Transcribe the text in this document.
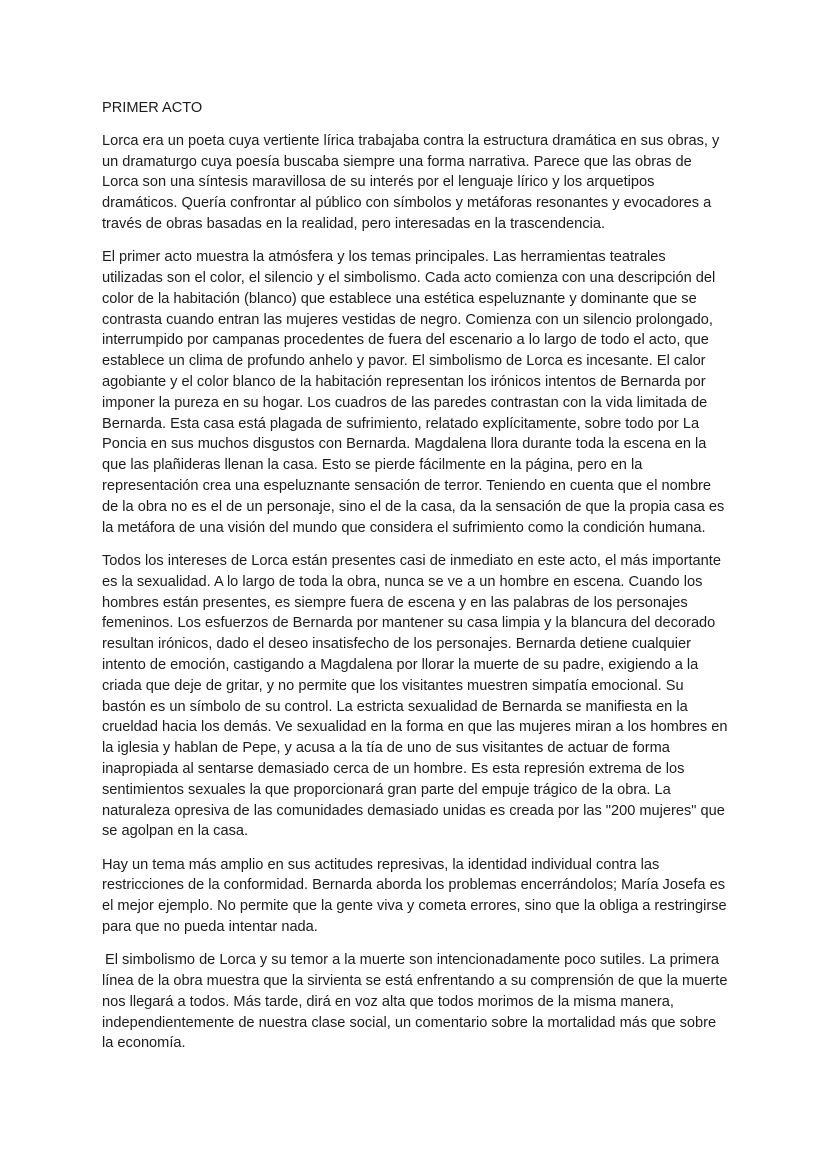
PRIMER ACTO

Lorca era un poeta cuya vertiente lírica trabajaba contra la estructura dramática en sus obras, y un dramaturgo cuya poesía buscaba siempre una forma narrativa. Parece que las obras de Lorca son una síntesis maravillosa de su interés por el lenguaje lírico y los arquetipos dramáticos. Quería confrontar al público con símbolos y metáforas resonantes y evocadores a través de obras basadas en la realidad, pero interesadas en la trascendencia.

El primer acto muestra la atmósfera y los temas principales. Las herramientas teatrales utilizadas son el color, el silencio y el simbolismo. Cada acto comienza con una descripción del color de la habitación (blanco) que establece una estética espeluznante y dominante que se contrasta cuando entran las mujeres vestidas de negro. Comienza con un silencio prolongado, interrumpido por campanas procedentes de fuera del escenario a lo largo de todo el acto, que establece un clima de profundo anhelo y pavor. El simbolismo de Lorca es incesante. El calor agobiante y el color blanco de la habitación representan los irónicos intentos de Bernarda por imponer la pureza en su hogar. Los cuadros de las paredes contrastan con la vida limitada de Bernarda. Esta casa está plagada de sufrimiento, relatado explícitamente, sobre todo por La Poncia en sus muchos disgustos con Bernarda. Magdalena llora durante toda la escena en la que las plañideras llenan la casa. Esto se pierde fácilmente en la página, pero en la representación crea una espeluznante sensación de terror. Teniendo en cuenta que el nombre de la obra no es el de un personaje, sino el de la casa, da la sensación de que la propia casa es la metáfora de una visión del mundo que considera el sufrimiento como la condición humana.

Todos los intereses de Lorca están presentes casi de inmediato en este acto, el más importante es la sexualidad. A lo largo de toda la obra, nunca se ve a un hombre en escena. Cuando los hombres están presentes, es siempre fuera de escena y en las palabras de los personajes femeninos. Los esfuerzos de Bernarda por mantener su casa limpia y la blancura del decorado resultan irónicos, dado el deseo insatisfecho de los personajes. Bernarda detiene cualquier intento de emoción, castigando a Magdalena por llorar la muerte de su padre, exigiendo a la criada que deje de gritar, y no permite que los visitantes muestren simpatía emocional. Su bastón es un símbolo de su control. La estricta sexualidad de Bernarda se manifiesta en la crueldad hacia los demás. Ve sexualidad en la forma en que las mujeres miran a los hombres en la iglesia y hablan de Pepe, y acusa a la tía de uno de sus visitantes de actuar de forma inapropiada al sentarse demasiado cerca de un hombre. Es esta represión extrema de los sentimientos sexuales la que proporcionará gran parte del empuje trágico de la obra. La naturaleza opresiva de las comunidades demasiado unidas es creada por las "200 mujeres" que se agolpan en la casa.

Hay un tema más amplio en sus actitudes represivas, la identidad individual contra las restricciones de la conformidad. Bernarda aborda los problemas encerrándolos; María Josefa es el mejor ejemplo. No permite que la gente viva y cometa errores, sino que la obliga a restringirse para que no pueda intentar nada.

El simbolismo de Lorca y su temor a la muerte son intencionadamente poco sutiles. La primera línea de la obra muestra que la sirvienta se está enfrentando a su comprensión de que la muerte nos llegará a todos. Más tarde, dirá en voz alta que todos morimos de la misma manera, independientemente de nuestra clase social, un comentario sobre la mortalidad más que sobre la economía.
